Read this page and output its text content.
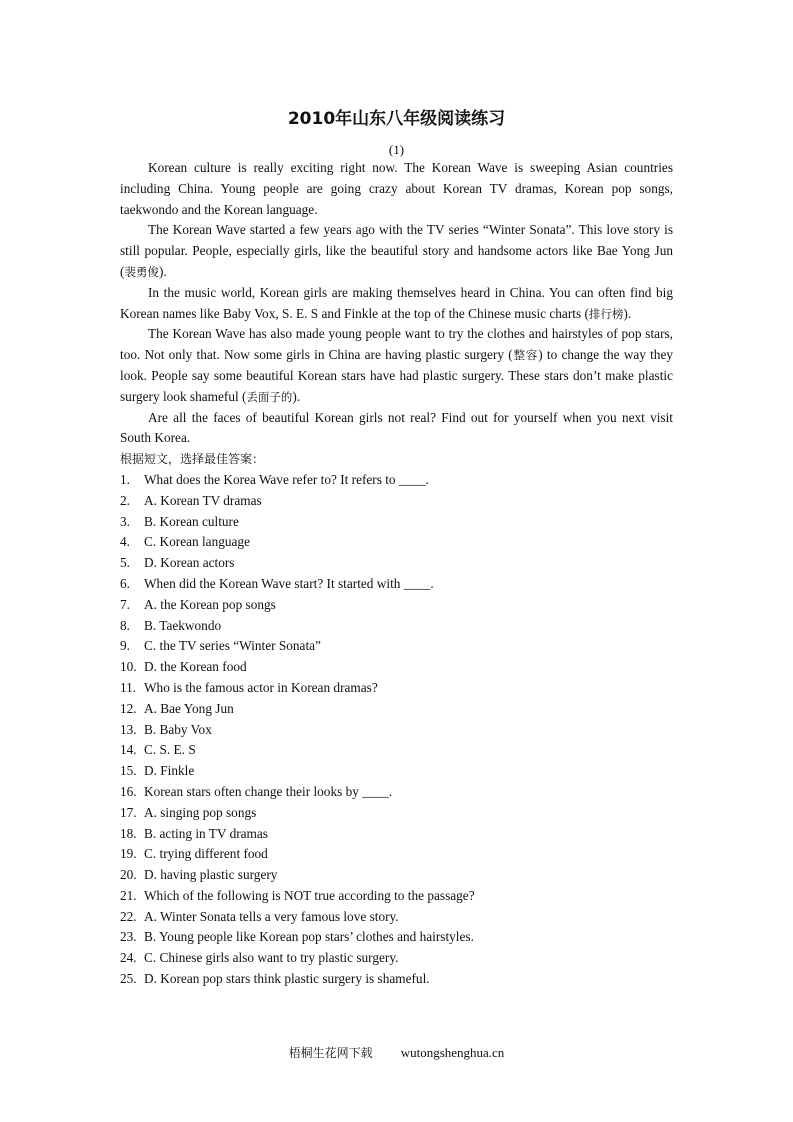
2010年山东八年级阅读练习
(1)

Korean culture is really exciting right now. The Korean Wave is sweeping Asian countries including China. Young people are going crazy about Korean TV dramas, Korean pop songs, taekwondo and the Korean language.

The Korean Wave started a few years ago with the TV series “Winter Sonata”. This love story is still popular. People, especially girls, like the beautiful story and handsome actors like Bae Yong Jun (裴勇俊).

In the music world, Korean girls are making themselves heard in China. You can often find big Korean names like Baby Vox, S. E. S and Finkle at the top of the Chinese music charts (排行榜).

The Korean Wave has also made young people want to try the clothes and hairstyles of pop stars, too. Not only that. Now some girls in China are having plastic surgery (整容) to change the way they look. People say some beautiful Korean stars have had plastic surgery. These stars don’t make plastic surgery look shameful (丢面子的).

Are all the faces of beautiful Korean girls not real? Find out for yourself when you next visit South Korea.

根据短文，选择最佳答案：

1.	What does the Korea Wave refer to? It refers to ____.
2.	A. Korean TV dramas
3.	B. Korean culture
4.	C. Korean language
5.	D. Korean actors
6.	When did the Korean Wave start? It started with ____.
7.	A. the Korean pop songs
8.	B. Taekwondo
9.	C. the TV series “Winter Sonata”
10. D. the Korean food
11. Who is the famous actor in Korean dramas?
12. A. Bae Yong Jun
13. B. Baby Vox
14. C. S. E. S
15. D. Finkle
16. Korean stars often change their looks by ____.
17. A. singing pop songs
18. B. acting in TV dramas
19. C. trying different food
20. D. having plastic surgery
21. Which of the following is NOT true according to the passage?
22. A. Winter Sonata tells a very famous love story.
23. B. Young people like Korean pop stars’ clothes and hairstyles.
24. C. Chinese girls also want to try plastic surgery.
25. D. Korean pop stars think plastic surgery is shameful.
梧桐生花网下载 wutongshenghua.cn
